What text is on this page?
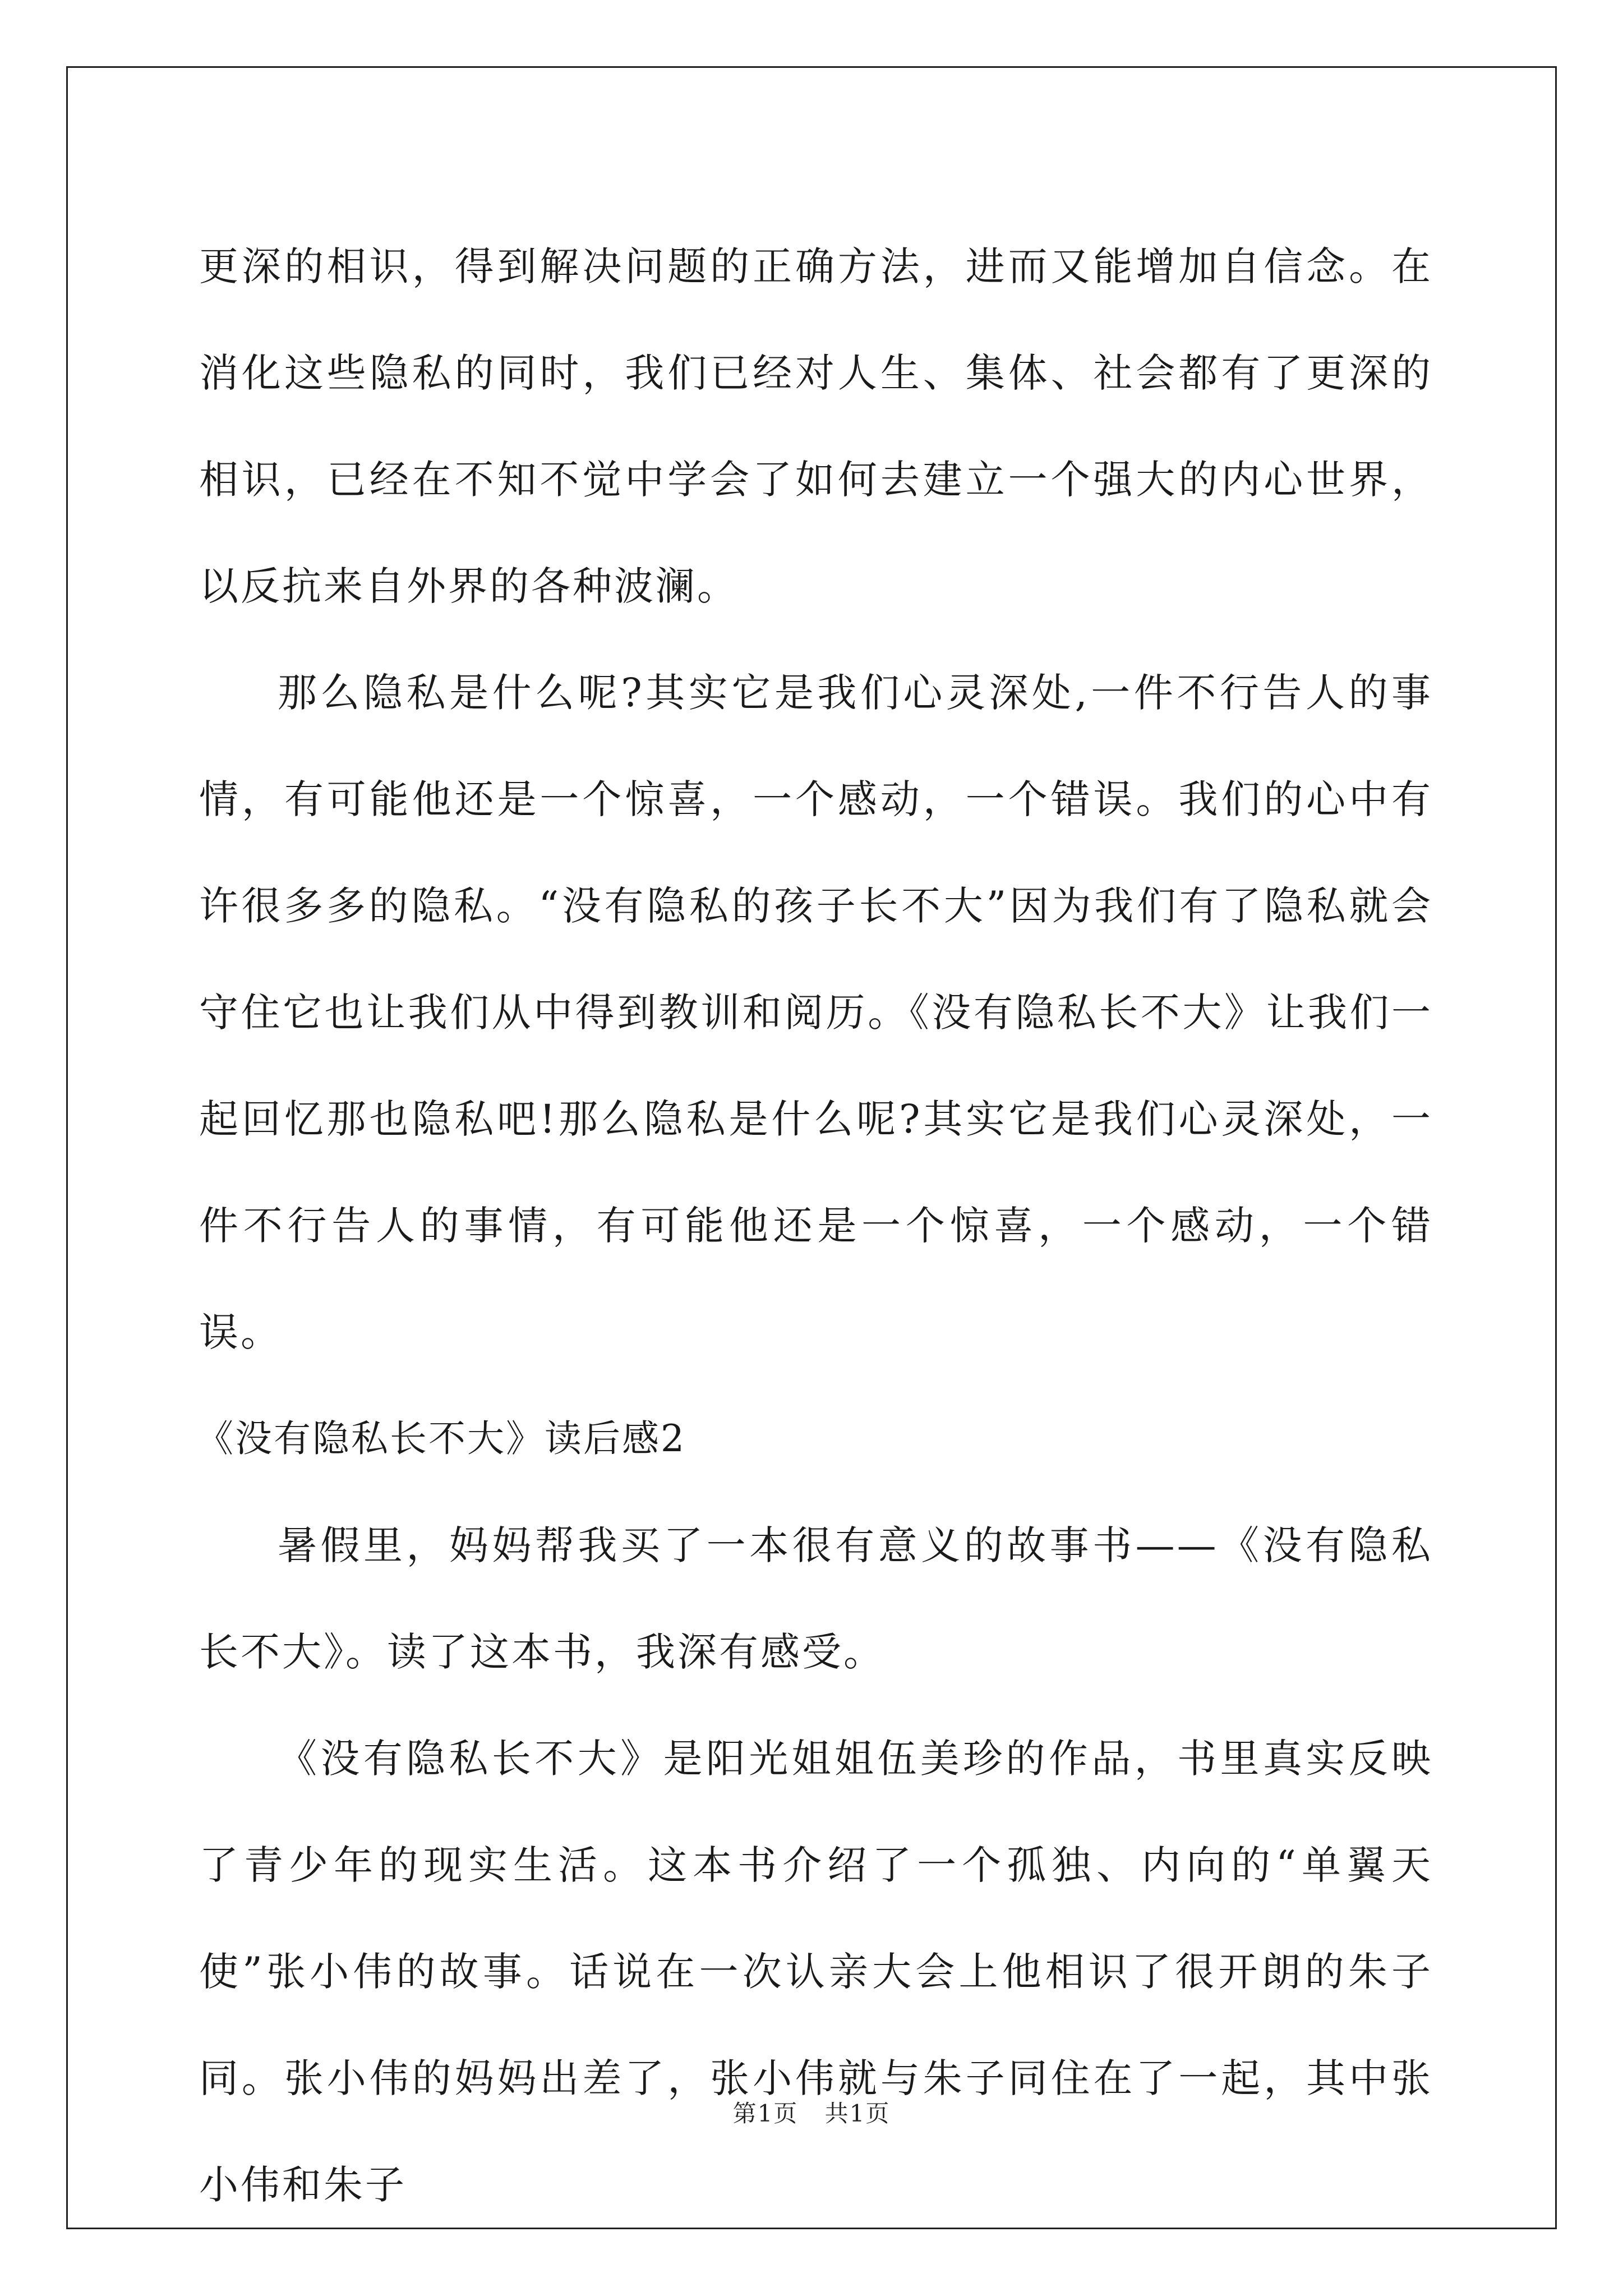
更深的相识，得到解决问题的正确方法，进而又能增加自信念。在消化这些隐私的同时，我们已经对人生、集体、社会都有了更深的相识，已经在不知不觉中学会了如何去建立一个强大的内心世界，以反抗来自外界的各种波澜。

那么隐私是什么呢?其实它是我们心灵深处,一件不行告人的事情，有可能他还是一个惊喜，一个感动，一个错误。我们的心中有许很多多的隐私。“没有隐私的孩子长不大”因为我们有了隐私就会守住它也让我们从中得到教训和阅历。《没有隐私长不大》让我们一起回忆那也隐私吧!那么隐私是什么呢?其实它是我们心灵深处，一件不行告人的事情，有可能他还是一个惊喜，一个感动，一个错误。

《没有隐私长不大》读后感2

暑假里，妈妈帮我买了一本很有意义的故事书——《没有隐私长不大》。读了这本书，我深有感受。

《没有隐私长不大》是阳光姐姐伍美珍的作品，书里真实反映了青少年的现实生活。这本书介绍了一个孤独、内向的“单翼天使”张小伟的故事。话说在一次认亲大会上他相识了很开朗的朱子同。张小伟的妈妈出差了，张小伟就与朱子同住在了一起，其中张小伟和朱子

第1页 共1页
